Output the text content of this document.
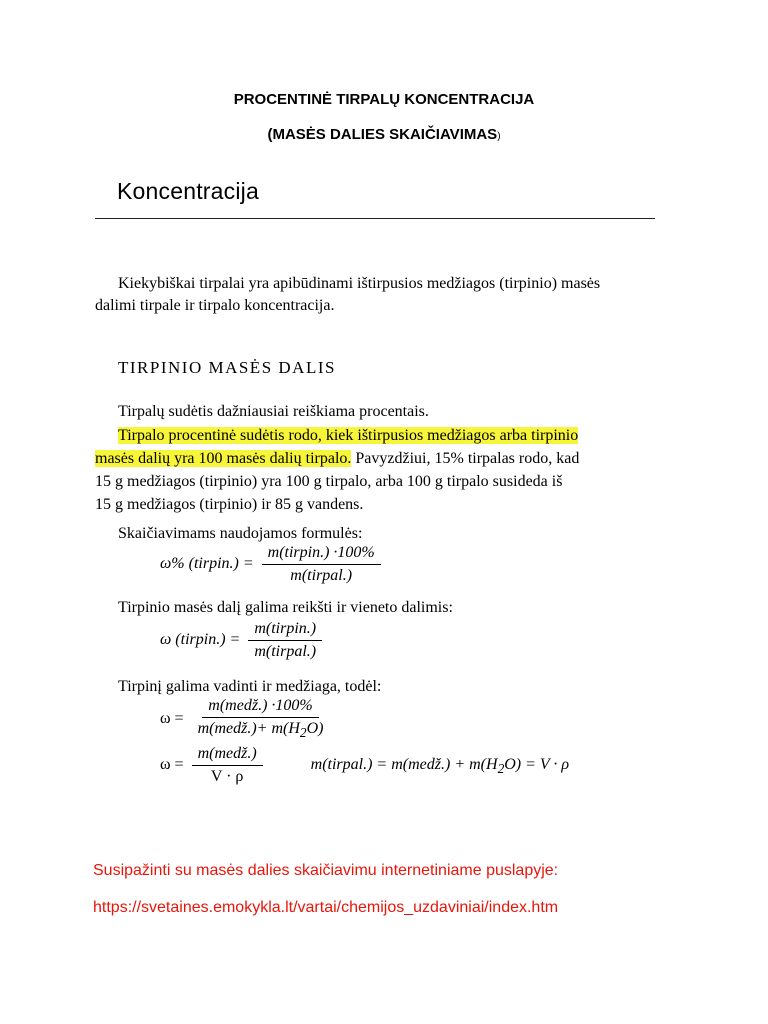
PROCENTINĖ TIRPALŲ KONCENTRACIJA
(MASĖS DALIES SKAIČIAVIMAS)
Koncentracija
Kiekybiškai tirpalai yra apibūdinami ištirpusios medžiagos (tirpinio) masės
dalimi tirpale ir tirpalo koncentracija.
TIRPINIO MASĖS DALIS
Tirpalų sudėtis dažniausiai reiškiama procentais.
Tirpalo procentinė sudėtis rodo, kiek ištirpusios medžiagos arba tirpinio
masės dalių yra 100 masės dalių tirpalo. Pavyzdžiui, 15% tirpalas rodo, kad
15 g medžiagos (tirpinio) yra 100 g tirpalo, arba 100 g tirpalo susideda iš
15 g medžiagos (tirpinio) ir 85 g vandens.
Skaičiavimams naudojamos formulės:
ω% (tirpin.) = $\frac{\text{m(tirpin.) ·100\%}}{\text{m(tirpal.)}}$
Tirpinio masės dalį galima reikšti ir vieneto dalimis:
ω (tirpin.) = $\frac{\text{m(tirpin.)}}{\text{m(tirpal.)}}$
Tirpinį galima vadinti ir medžiaga, todėl:
$\omega = \frac{\text{m(medž.) ·100\%}}{m(medž.)+ m(H_2O)}$
$\omega = \frac{\text{m(medž.)}}{V \cdot \rho}$	m(tirpal.) = m(medž.) + $m(H_2O) = V \cdot \rho$
Susipažinti su masės dalies skaičiavimu internetiniame puslapyje:
https://svetaines.emokykla.lt/vartai/chemijos_uzdaviniai/index.htm
